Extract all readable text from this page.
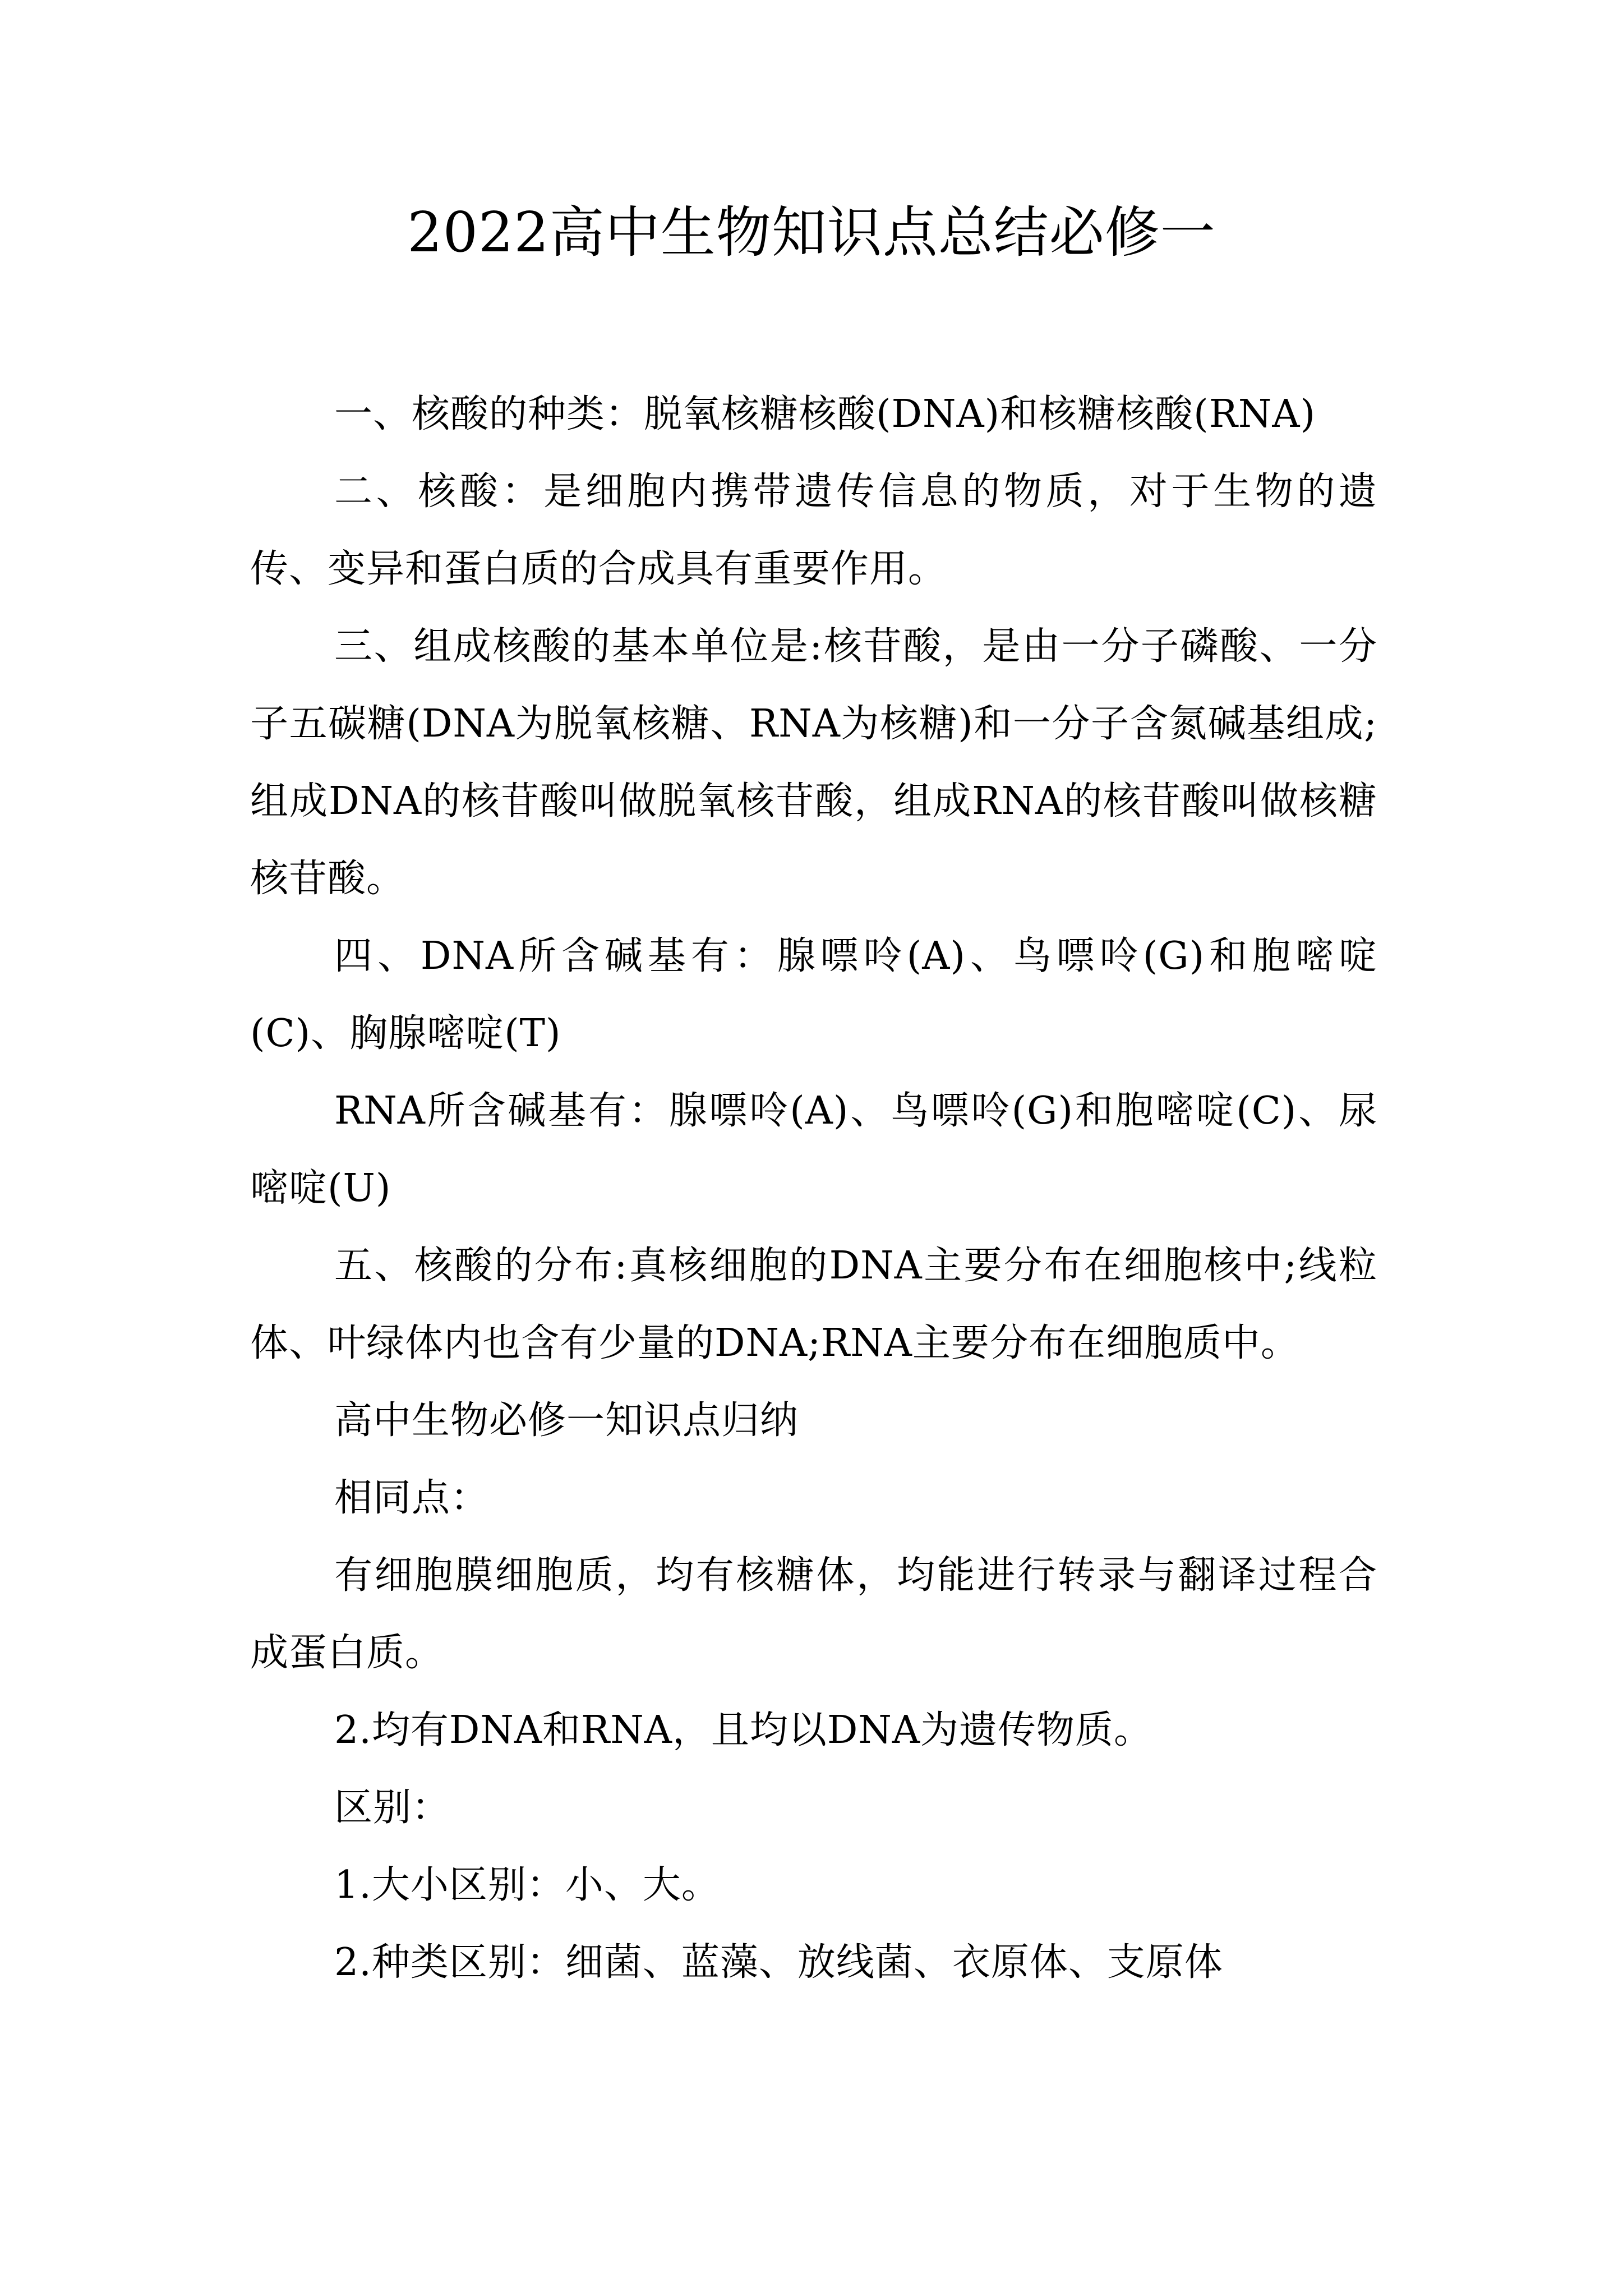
2022高中生物知识点总结必修一

一、核酸的种类：脱氧核糖核酸(DNA)和核糖核酸(RNA)

二、核酸：是细胞内携带遗传信息的物质，对于生物的遗传、变异和蛋白质的合成具有重要作用。

三、组成核酸的基本单位是:核苷酸，是由一分子磷酸、一分子五碳糖(DNA为脱氧核糖、RNA为核糖)和一分子含氮碱基组成;组成DNA的核苷酸叫做脱氧核苷酸，组成RNA的核苷酸叫做核糖核苷酸。

四、DNA所含碱基有：腺嘌呤(A)、鸟嘌呤(G)和胞嘧啶(C)、胸腺嘧啶(T)

RNA所含碱基有：腺嘌呤(A)、鸟嘌呤(G)和胞嘧啶(C)、尿嘧啶(U)

五、核酸的分布:真核细胞的DNA主要分布在细胞核中;线粒体、叶绿体内也含有少量的DNA;RNA主要分布在细胞质中。

高中生物必修一知识点归纳

相同点：

有细胞膜细胞质，均有核糖体，均能进行转录与翻译过程合成蛋白质。

2.均有DNA和RNA，且均以DNA为遗传物质。

区别：

1.大小区别：小、大。

2.种类区别：细菌、蓝藻、放线菌、衣原体、支原体
